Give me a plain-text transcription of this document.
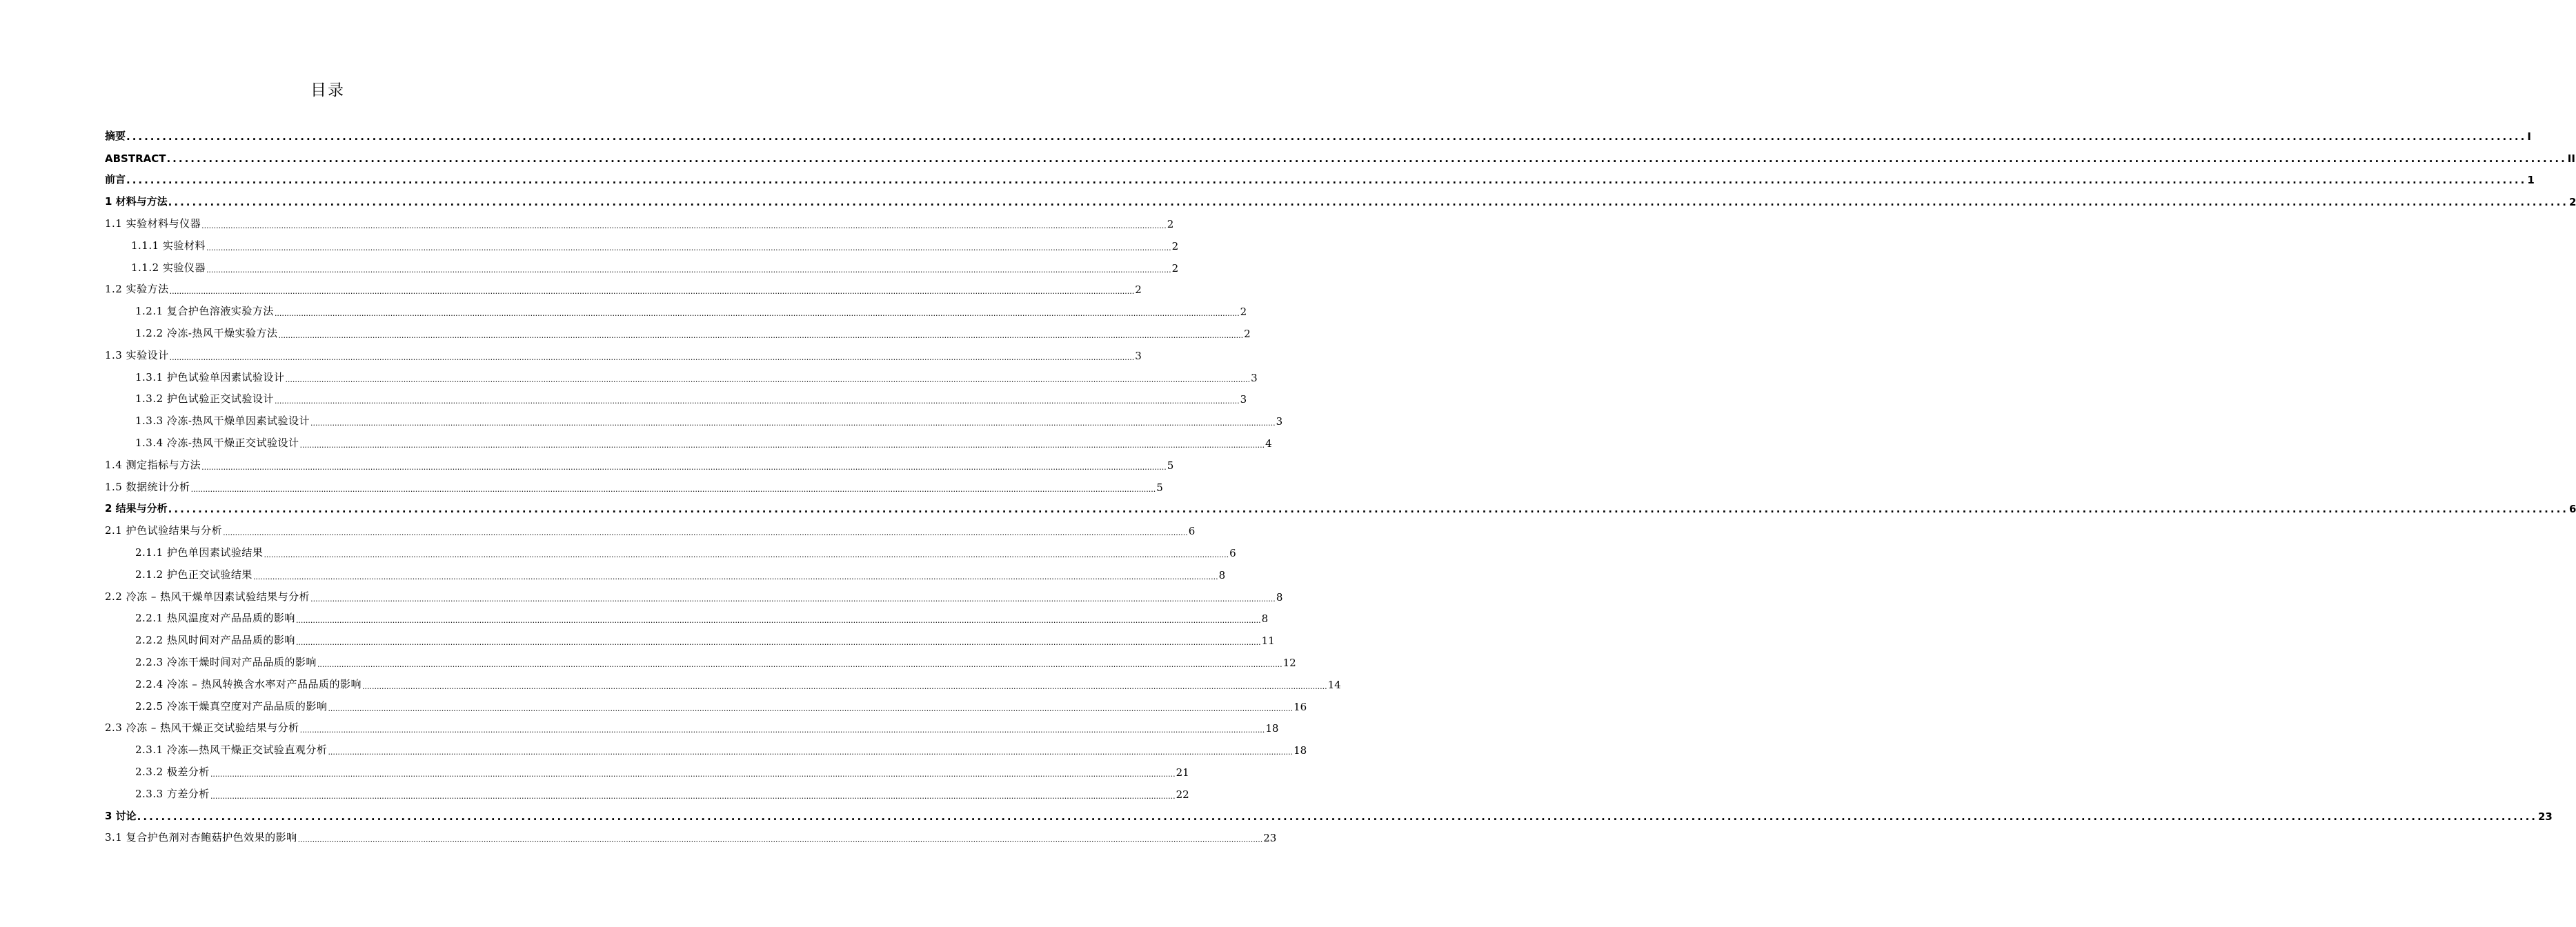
目录
摘要 ................................................................................................................................................................................................................................................................................................................................................................................................................ I
ABSTRACT ................................................................................................................................................................................................................................................................................................................................................................................................................ II
前言 ................................................................................................................................................................................................................................................................................................................................................................................................................ 1
1 材料与方法 ................................................................................................................................................................................................................................................................................................................................................................................................................ 2
1.1 实验材料与仪器 ................................................................................................................................................................................................................................................................................................................................................................................................................ 2
1.1.1 实验材料 ................................................................................................................................................................................................................................................................................................................................................................................................................ 2
1.1.2 实验仪器 ................................................................................................................................................................................................................................................................................................................................................................................................................ 2
1.2 实验方法 ................................................................................................................................................................................................................................................................................................................................................................................................................ 2
1.2.1 复合护色溶液实验方法 ................................................................................................................................................................................................................................................................................................................................................................................................................ 2
1.2.2 冷冻-热风干燥实验方法 ................................................................................................................................................................................................................................................................................................................................................................................................................ 2
1.3 实验设计 ................................................................................................................................................................................................................................................................................................................................................................................................................ 3
1.3.1 护色试验单因素试验设计 ................................................................................................................................................................................................................................................................................................................................................................................................................ 3
1.3.2 护色试验正交试验设计 ................................................................................................................................................................................................................................................................................................................................................................................................................ 3
1.3.3 冷冻-热风干燥单因素试验设计 ................................................................................................................................................................................................................................................................................................................................................................................................................ 3
1.3.4 冷冻-热风干燥正交试验设计 ................................................................................................................................................................................................................................................................................................................................................................................................................ 4
1.4 测定指标与方法 ................................................................................................................................................................................................................................................................................................................................................................................................................ 5
1.5 数据统计分析 ................................................................................................................................................................................................................................................................................................................................................................................................................ 5
2 结果与分析 ................................................................................................................................................................................................................................................................................................................................................................................................................ 6
2.1 护色试验结果与分析 ................................................................................................................................................................................................................................................................................................................................................................................................................ 6
2.1.1 护色单因素试验结果 ................................................................................................................................................................................................................................................................................................................................................................................................................ 6
2.1.2 护色正交试验结果 ................................................................................................................................................................................................................................................................................................................................................................................................................ 8
2.2 冷冻 – 热风干燥单因素试验结果与分析 ................................................................................................................................................................................................................................................................................................................................................................................................................ 8
2.2.1 热风温度对产品品质的影响 ................................................................................................................................................................................................................................................................................................................................................................................................................ 8
2.2.2 热风时间对产品品质的影响 ................................................................................................................................................................................................................................................................................................................................................................................................................ 11
2.2.3 冷冻干燥时间对产品品质的影响 ................................................................................................................................................................................................................................................................................................................................................................................................................ 12
2.2.4 冷冻 – 热风转换含水率对产品品质的影响 ................................................................................................................................................................................................................................................................................................................................................................................................................ 14
2.2.5 冷冻干燥真空度对产品品质的影响 ................................................................................................................................................................................................................................................................................................................................................................................................................ 16
2.3 冷冻 – 热风干燥正交试验结果与分析 ................................................................................................................................................................................................................................................................................................................................................................................................................ 18
2.3.1 冷冻—热风干燥正交试验直观分析 ................................................................................................................................................................................................................................................................................................................................................................................................................ 18
2.3.2 极差分析 ................................................................................................................................................................................................................................................................................................................................................................................................................ 21
2.3.3 方差分析 ................................................................................................................................................................................................................................................................................................................................................................................................................ 22
3 讨论 ................................................................................................................................................................................................................................................................................................................................................................................................................ 23
3.1 复合护色剂对杏鲍菇护色效果的影响 ................................................................................................................................................................................................................................................................................................................................................................................................................ 23
